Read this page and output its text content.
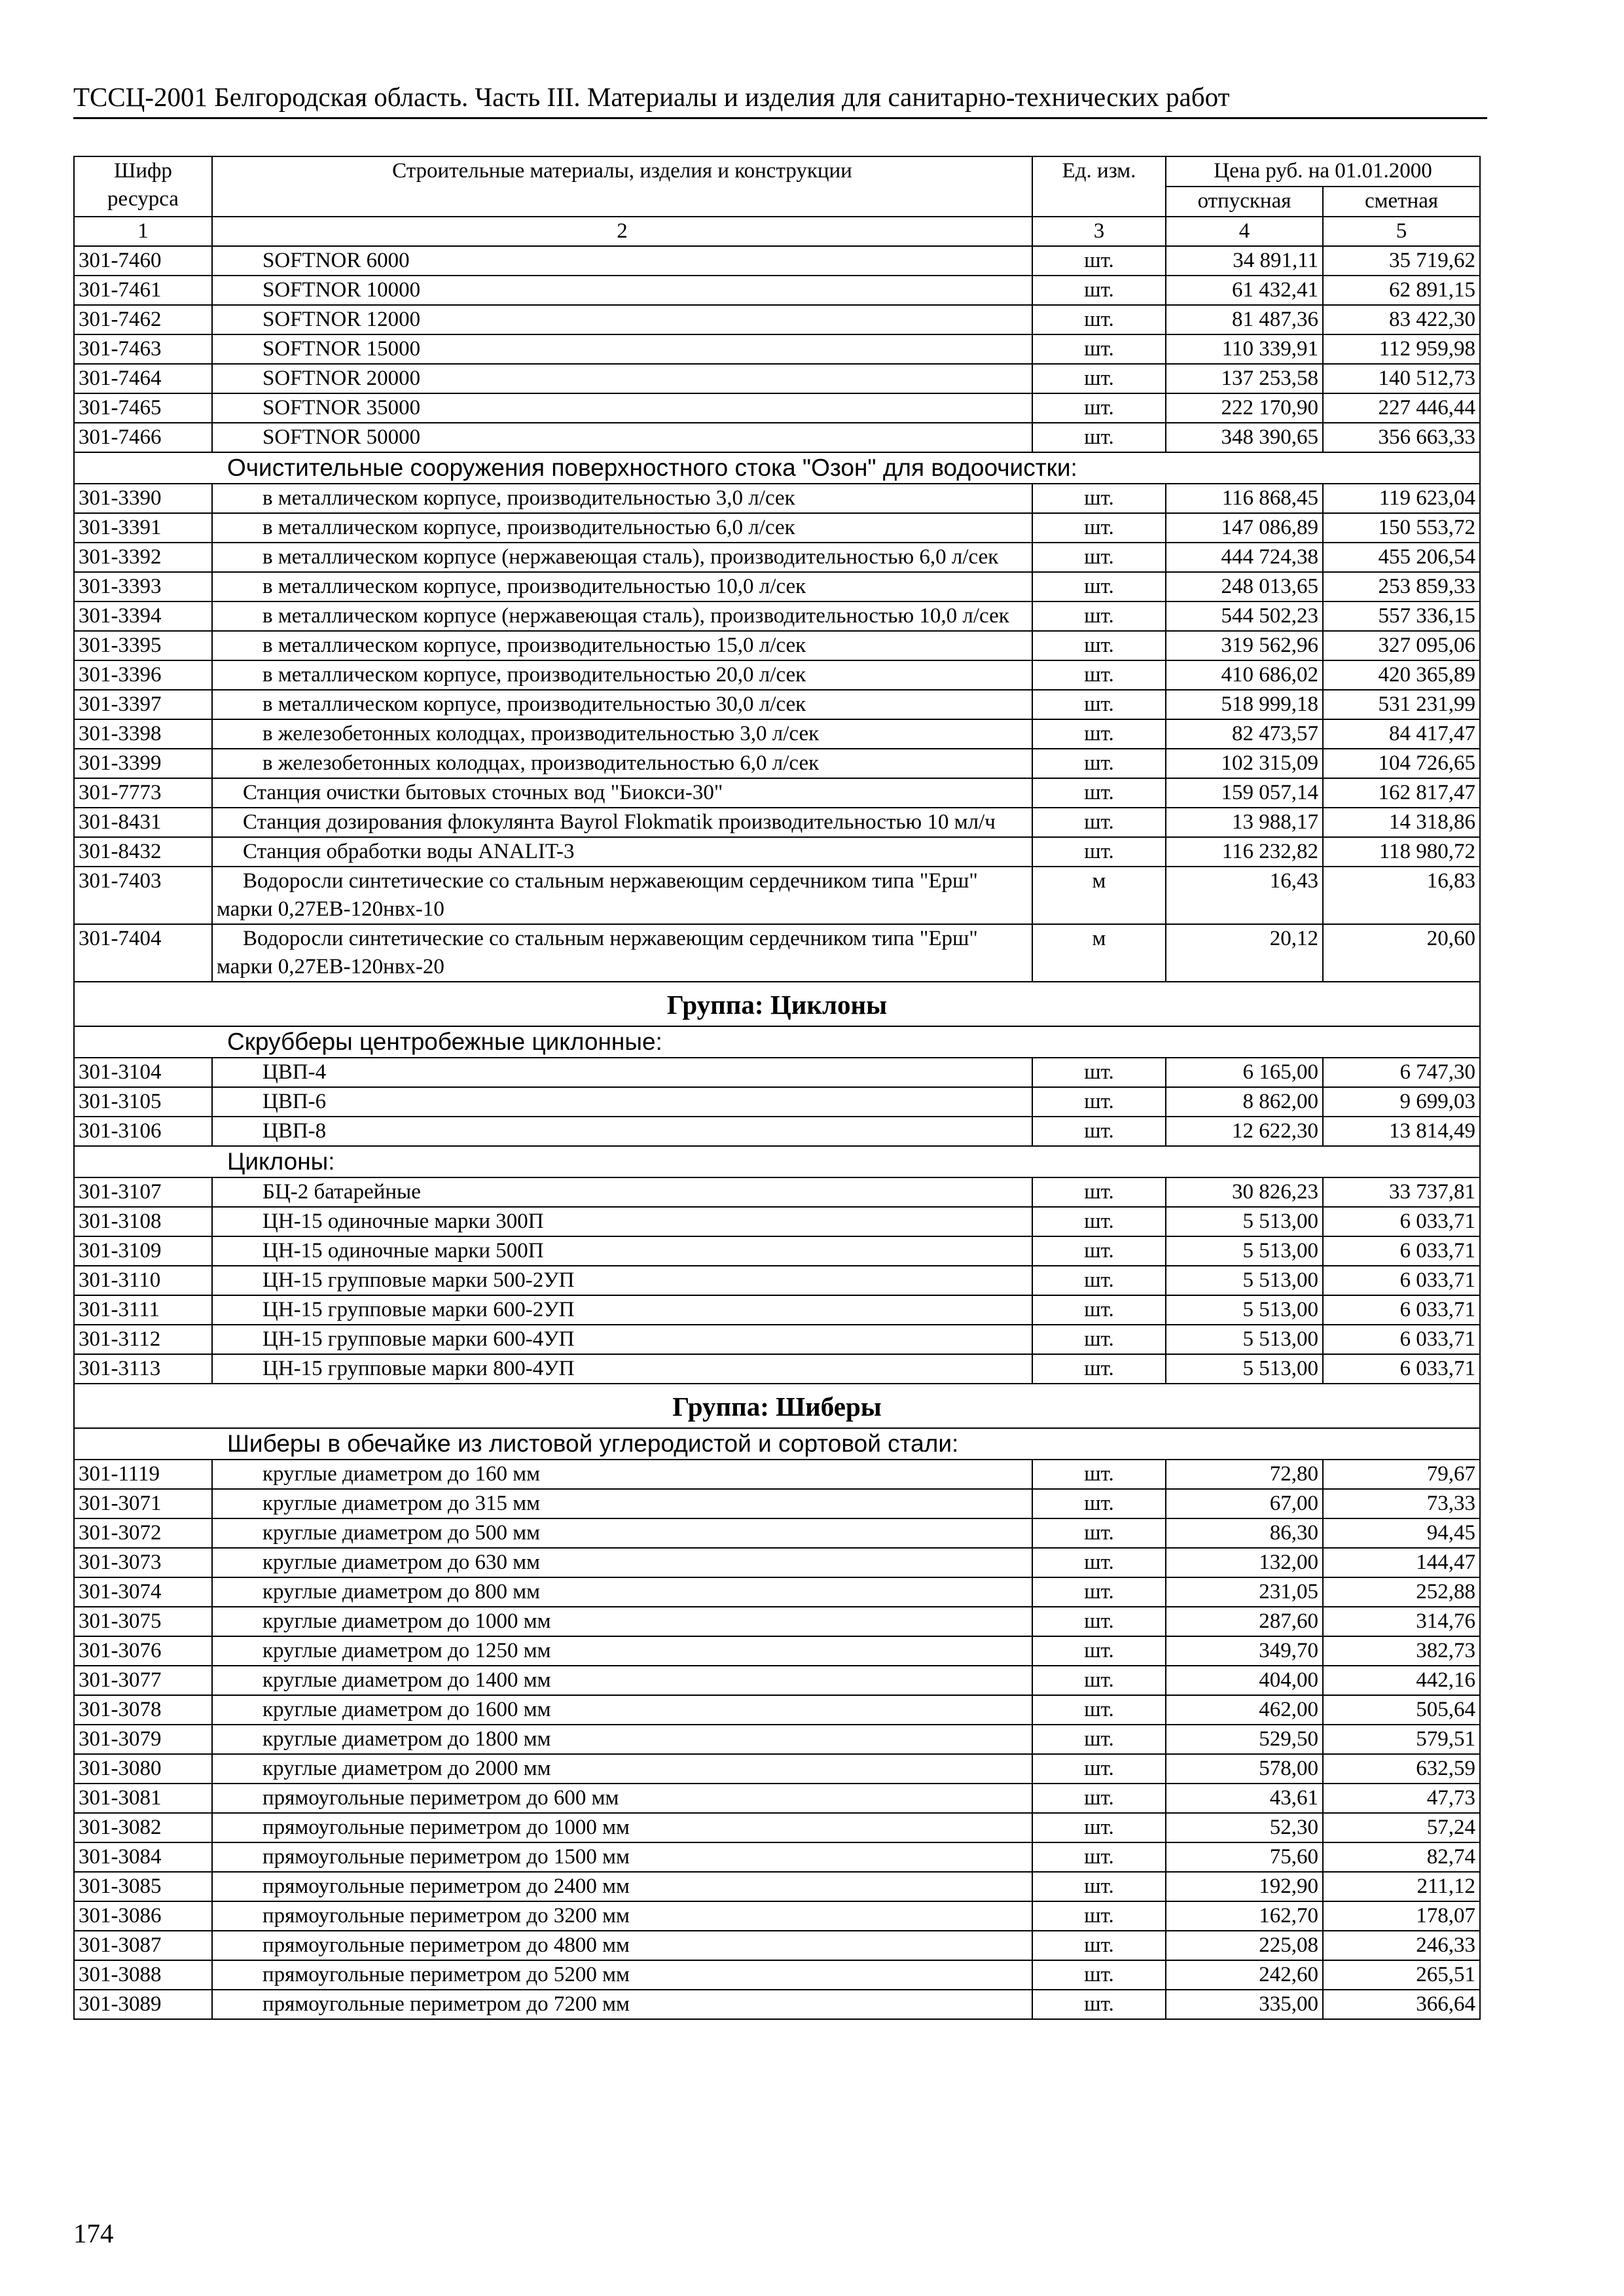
ТССЦ-2001 Белгородская область. Часть III. Материалы и изделия для санитарно-технических работ
Шифр ресурса	Строительные материалы, изделия и конструкции	Ед. изм.	Цена руб. на 01.01.2000	
			отпускная	сметная
1	2	3	4	5
301-7460	SOFTNOR 6000	шт.	34 891,11	35 719,62
301-7461	SOFTNOR 10000	шт.	61 432,41	62 891,15
301-7462	SOFTNOR 12000	шт.	81 487,36	83 422,30
301-7463	SOFTNOR 15000	шт.	110 339,91	112 959,98
301-7464	SOFTNOR 20000	шт.	137 253,58	140 512,73
301-7465	SOFTNOR 35000	шт.	222 170,90	227 446,44
301-7466	SOFTNOR 50000	шт.	348 390,65	356 663,33
Очистительные сооружения поверхностного стока "Озон" для водоочистки:				
301-3390	в металлическом корпусе, производительностью 3,0 л/сек	шт.	116 868,45	119 623,04
301-3391	в металлическом корпусе, производительностью 6,0 л/сек	шт.	147 086,89	150 553,72
301-3392	в металлическом корпусе (нержавеющая сталь), производительностью 6,0 л/сек	шт.	444 724,38	455 206,54
301-3393	в металлическом корпусе, производительностью 10,0 л/сек	шт.	248 013,65	253 859,33
301-3394	в металлическом корпусе (нержавеющая сталь), производительностью 10,0 л/сек	шт.	544 502,23	557 336,15
301-3395	в металлическом корпусе, производительностью 15,0 л/сек	шт.	319 562,96	327 095,06
301-3396	в металлическом корпусе, производительностью 20,0 л/сек	шт.	410 686,02	420 365,89
301-3397	в металлическом корпусе, производительностью 30,0 л/сек	шт.	518 999,18	531 231,99
301-3398	в железобетонных колодцах, производительностью 3,0 л/сек	шт.	82 473,57	84 417,47
301-3399	в железобетонных колодцах, производительностью 6,0 л/сек	шт.	102 315,09	104 726,65
301-7773	Станция очистки бытовых сточных вод "Биокси-30"	шт.	159 057,14	162 817,47
301-8431	Станция дозирования флокулянта Bayrol Flokmatik производительностью 10 мл/ч	шт.	13 988,17	14 318,86
301-8432	Станция обработки воды ANALIT-3	шт.	116 232,82	118 980,72
301-7403	Водоросли синтетические со стальным нержавеющим сердечником типа "Ерш" марки 0,27ЕВ-120нвх-10	м	16,43	16,83
301-7404	Водоросли синтетические со стальным нержавеющим сердечником типа "Ерш" марки 0,27ЕВ-120нвх-20	м	20,12	20,60
Группа: Циклоны				
Скрубберы центробежные циклонные:				
301-3104	ЦВП-4	шт.	6 165,00	6 747,30
301-3105	ЦВП-6	шт.	8 862,00	9 699,03
301-3106	ЦВП-8	шт.	12 622,30	13 814,49
Циклоны:				
301-3107	БЦ-2 батарейные	шт.	30 826,23	33 737,81
301-3108	ЦН-15 одиночные марки 300П	шт.	5 513,00	6 033,71
301-3109	ЦН-15 одиночные марки 500П	шт.	5 513,00	6 033,71
301-3110	ЦН-15 групповые марки 500-2УП	шт.	5 513,00	6 033,71
301-3111	ЦН-15 групповые марки 600-2УП	шт.	5 513,00	6 033,71
301-3112	ЦН-15 групповые марки 600-4УП	шт.	5 513,00	6 033,71
301-3113	ЦН-15 групповые марки 800-4УП	шт.	5 513,00	6 033,71
Группа: Шиберы				
Шиберы в обечайке из листовой углеродистой и сортовой стали:				
301-1119	круглые диаметром до 160 мм	шт.	72,80	79,67
301-3071	круглые диаметром до 315 мм	шт.	67,00	73,33
301-3072	круглые диаметром до 500 мм	шт.	86,30	94,45
301-3073	круглые диаметром до 630 мм	шт.	132,00	144,47
301-3074	круглые диаметром до 800 мм	шт.	231,05	252,88
301-3075	круглые диаметром до 1000 мм	шт.	287,60	314,76
301-3076	круглые диаметром до 1250 мм	шт.	349,70	382,73
301-3077	круглые диаметром до 1400 мм	шт.	404,00	442,16
301-3078	круглые диаметром до 1600 мм	шт.	462,00	505,64
301-3079	круглые диаметром до 1800 мм	шт.	529,50	579,51
301-3080	круглые диаметром до 2000 мм	шт.	578,00	632,59
301-3081	прямоугольные периметром до 600 мм	шт.	43,61	47,73
301-3082	прямоугольные периметром до 1000 мм	шт.	52,30	57,24
301-3084	прямоугольные периметром до 1500 мм	шт.	75,60	82,74
301-3085	прямоугольные периметром до 2400 мм	шт.	192,90	211,12
301-3086	прямоугольные периметром до 3200 мм	шт.	162,70	178,07
301-3087	прямоугольные периметром до 4800 мм	шт.	225,08	246,33
301-3088	прямоугольные периметром до 5200 мм	шт.	242,60	265,51
301-3089	прямоугольные периметром до 7200 мм	шт.	335,00	366,64
174
